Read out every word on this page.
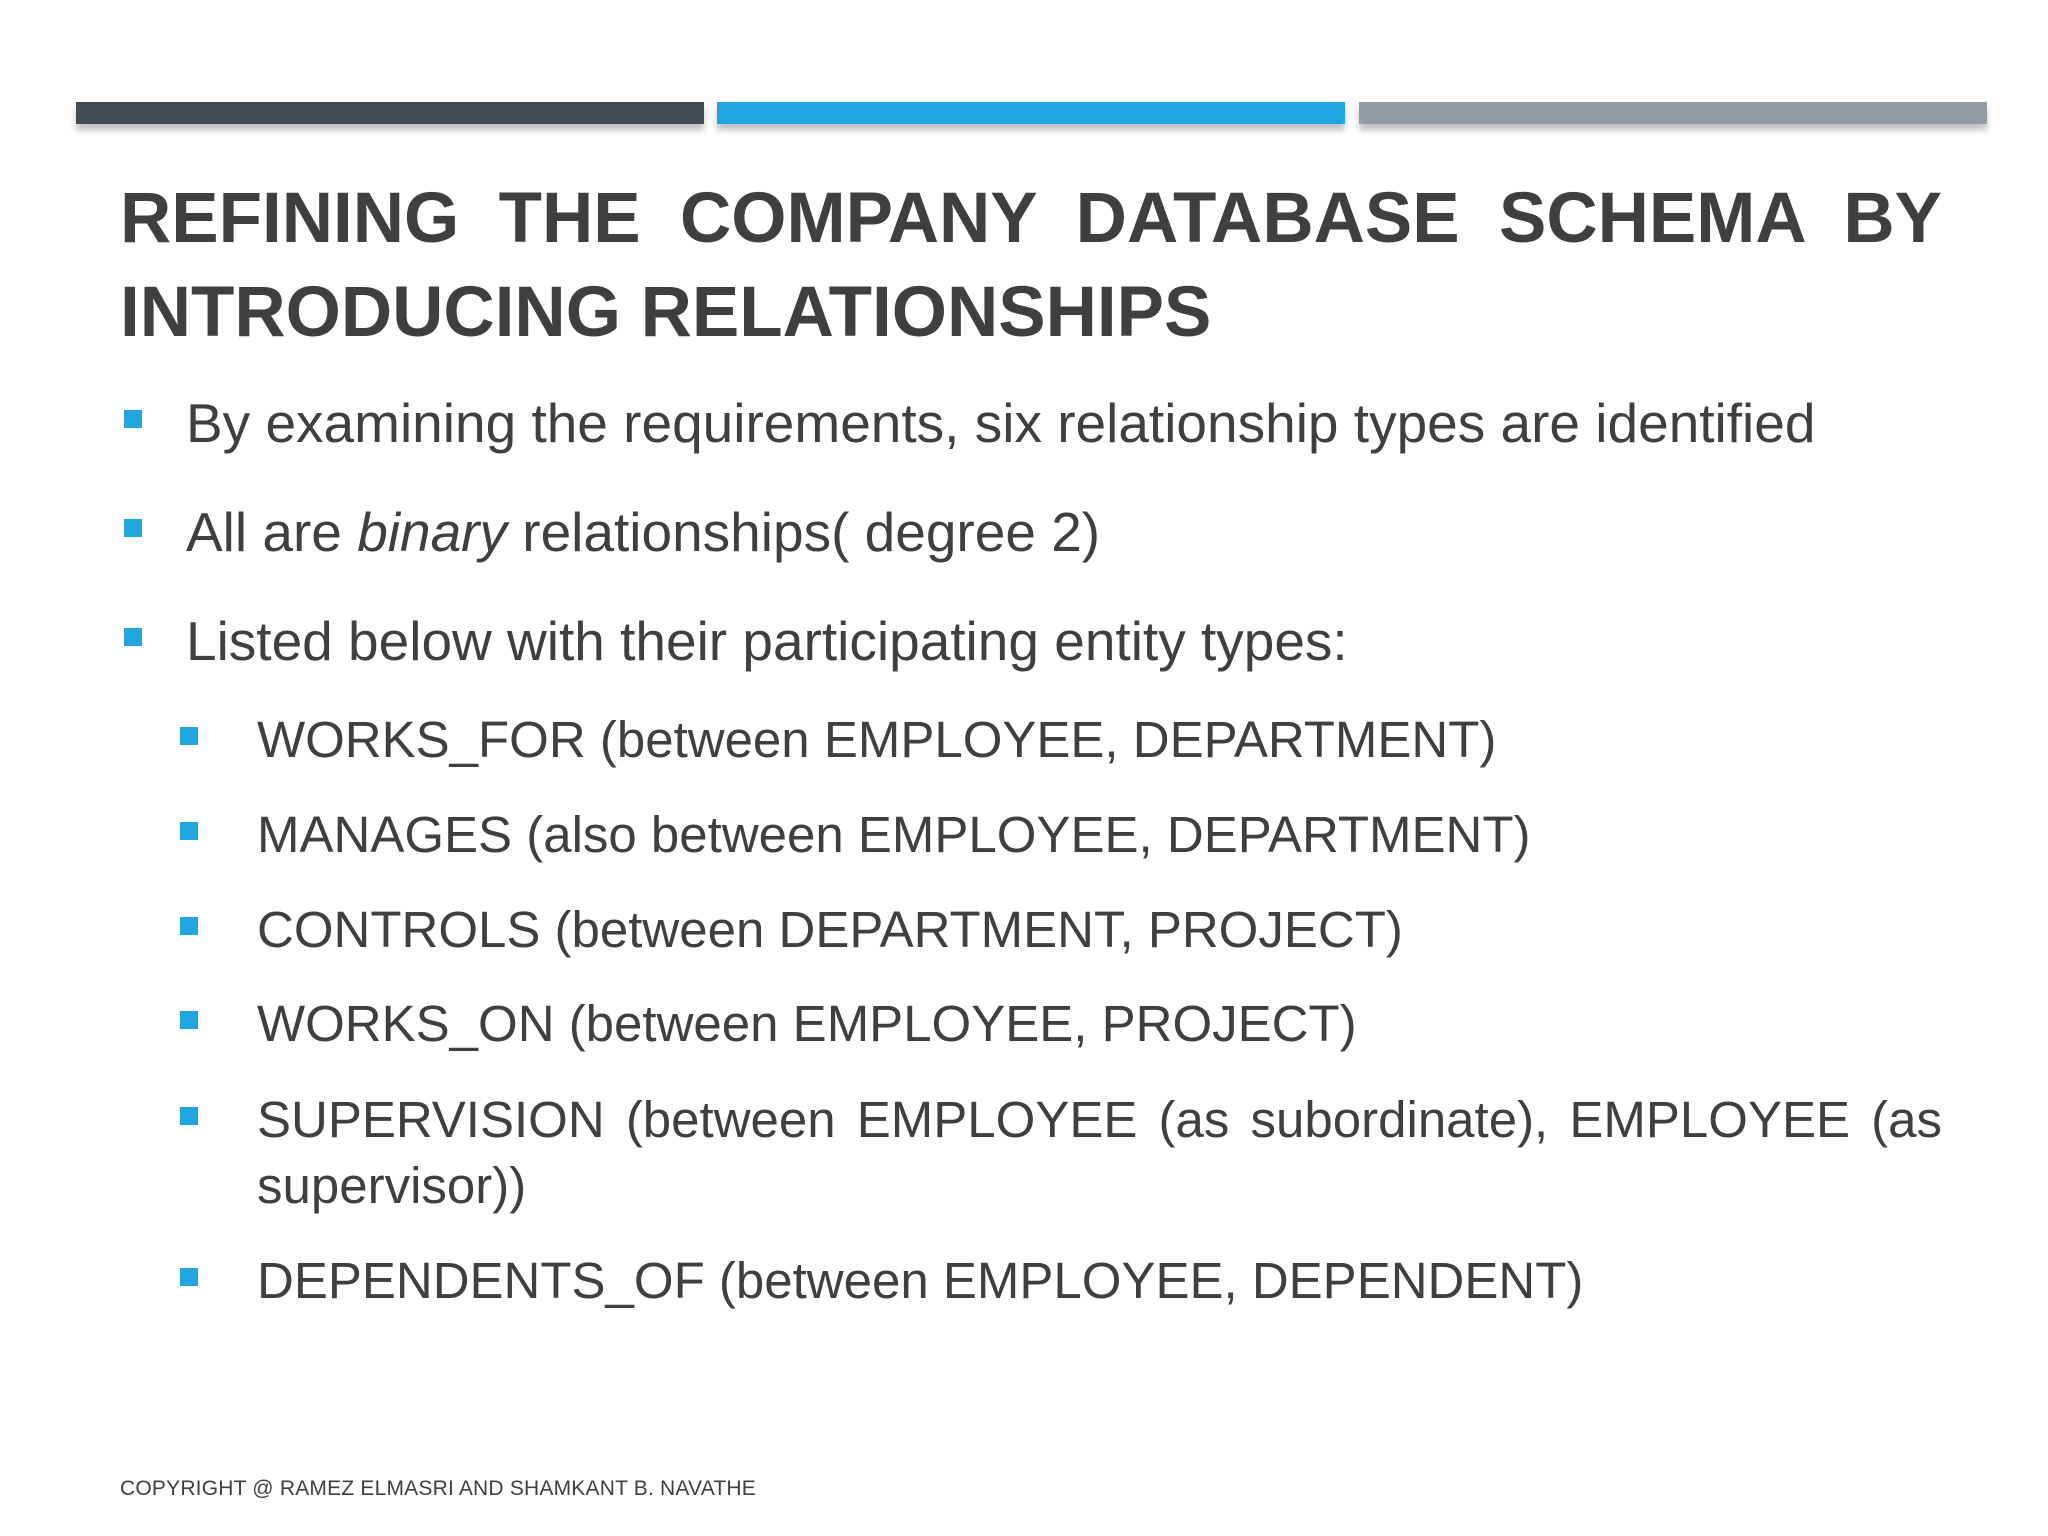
REFINING THE COMPANY DATABASE SCHEMA BY INTRODUCING RELATIONSHIPS
By examining the requirements, six relationship types are identified
All are binary relationships( degree 2)
Listed below with their participating entity types:
WORKS_FOR (between EMPLOYEE, DEPARTMENT)
MANAGES (also between EMPLOYEE, DEPARTMENT)
CONTROLS (between DEPARTMENT, PROJECT)
WORKS_ON (between EMPLOYEE, PROJECT)
SUPERVISION (between EMPLOYEE (as subordinate), EMPLOYEE (as supervisor))
DEPENDENTS_OF (between EMPLOYEE, DEPENDENT)
COPYRIGHT @ RAMEZ ELMASRI AND SHAMKANT B. NAVATHE
